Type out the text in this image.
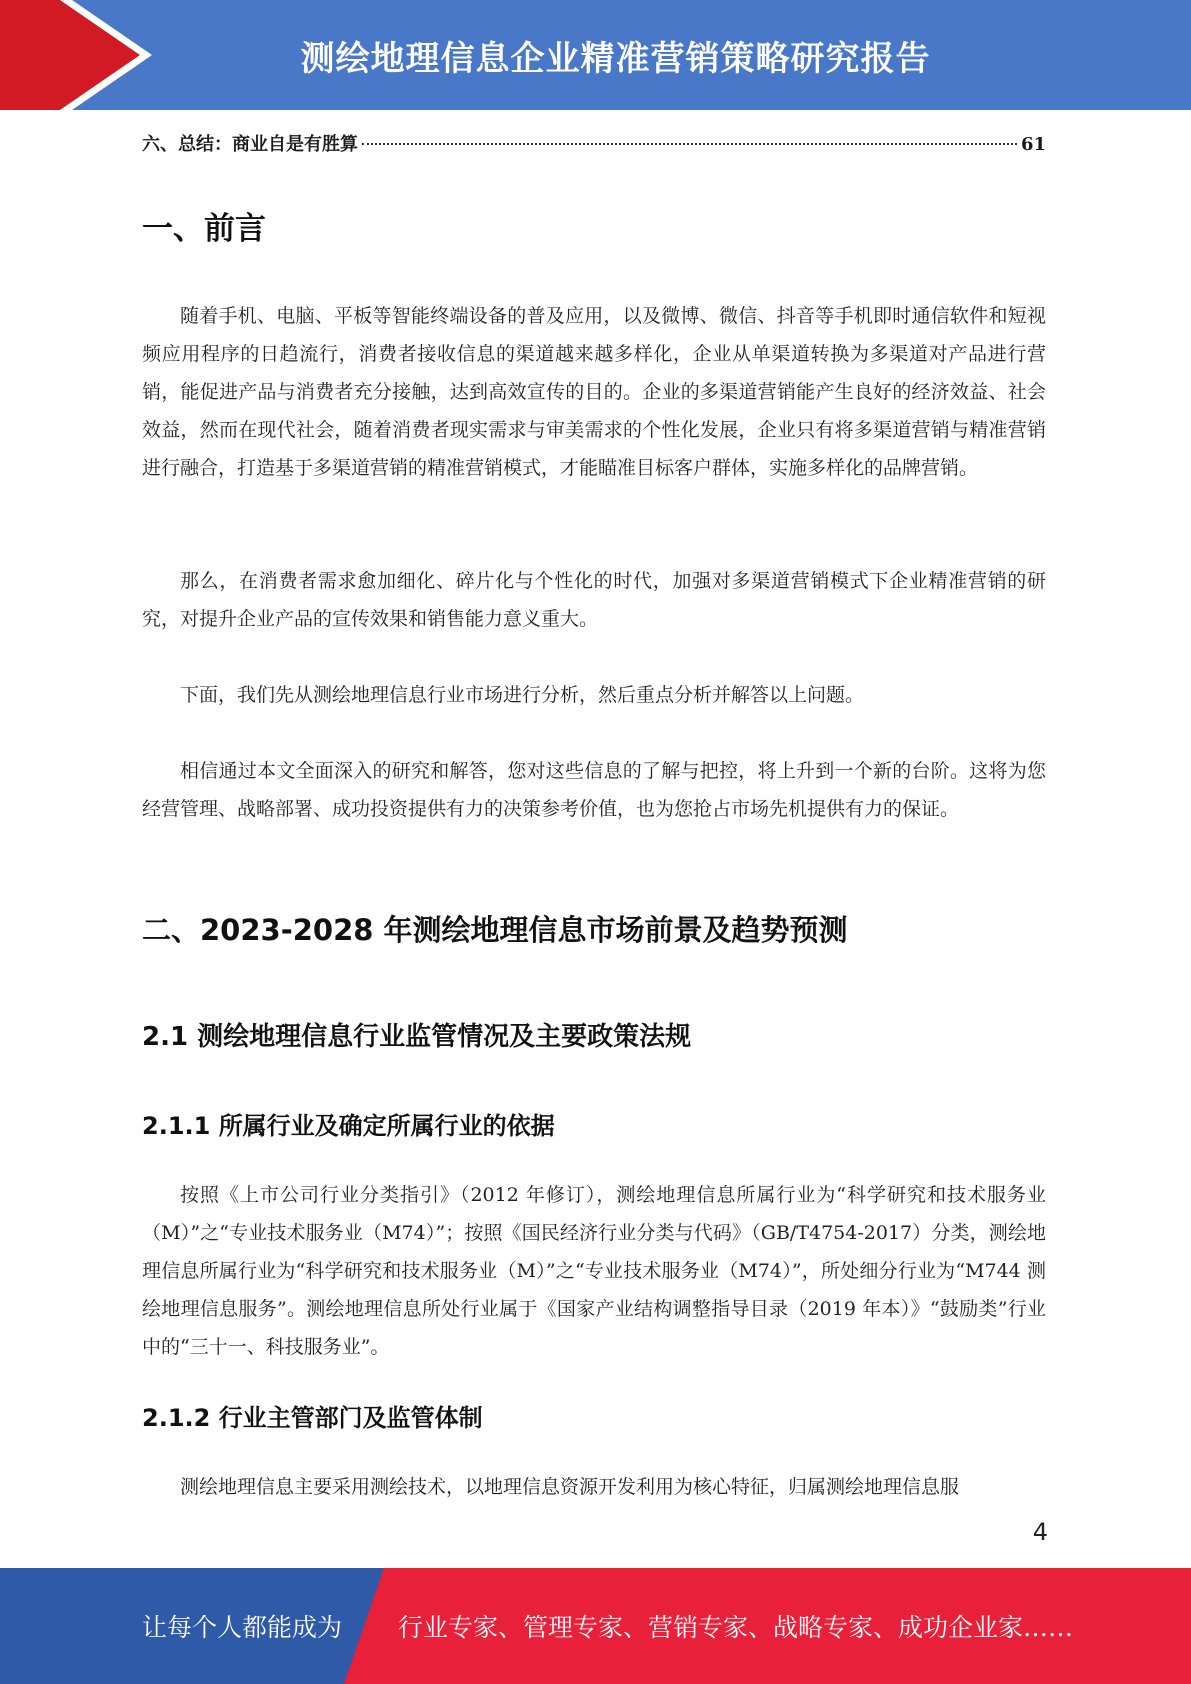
测绘地理信息企业精准营销策略研究报告
六、总结：商业自是有胜算	61
一、前言

随着手机、电脑、平板等智能终端设备的普及应用，以及微博、微信、抖音等手机即时通信软件和短视频应用程序的日趋流行，消费者接收信息的渠道越来越多样化，企业从单渠道转换为多渠道对产品进行营销，能促进产品与消费者充分接触，达到高效宣传的目的。企业的多渠道营销能产生良好的经济效益、社会效益，然而在现代社会，随着消费者现实需求与审美需求的个性化发展，企业只有将多渠道营销与精准营销进行融合，打造基于多渠道营销的精准营销模式，才能瞄准目标客户群体，实施多样化的品牌营销。

那么，在消费者需求愈加细化、碎片化与个性化的时代，加强对多渠道营销模式下企业精准营销的研究，对提升企业产品的宣传效果和销售能力意义重大。

下面，我们先从测绘地理信息行业市场进行分析，然后重点分析并解答以上问题。

相信通过本文全面深入的研究和解答，您对这些信息的了解与把控，将上升到一个新的台阶。这将为您经营管理、战略部署、成功投资提供有力的决策参考价值，也为您抢占市场先机提供有力的保证。

二、2023-2028 年测绘地理信息市场前景及趋势预测
2.1 测绘地理信息行业监管情况及主要政策法规
2.1.1 所属行业及确定所属行业的依据

按照《上市公司行业分类指引》（2012 年修订），测绘地理信息所属行业为“科学研究和技术服务业（M）”之“专业技术服务业（M74）”；按照《国民经济行业分类与代码》（GB/T4754-2017）分类，测绘地理信息所属行业为“科学研究和技术服务业（M）”之“专业技术服务业（M74）”，所处细分行业为“M744 测绘地理信息服务”。测绘地理信息所处行业属于《国家产业结构调整指导目录（2019 年本）》“鼓励类”行业中的“三十一、科技服务业”。

2.1.2 行业主管部门及监管体制

测绘地理信息主要采用测绘技术，以地理信息资源开发利用为核心特征，归属测绘地理信息服

4
让每个人都能成为 行业专家、管理专家、营销专家、战略专家、成功企业家……
